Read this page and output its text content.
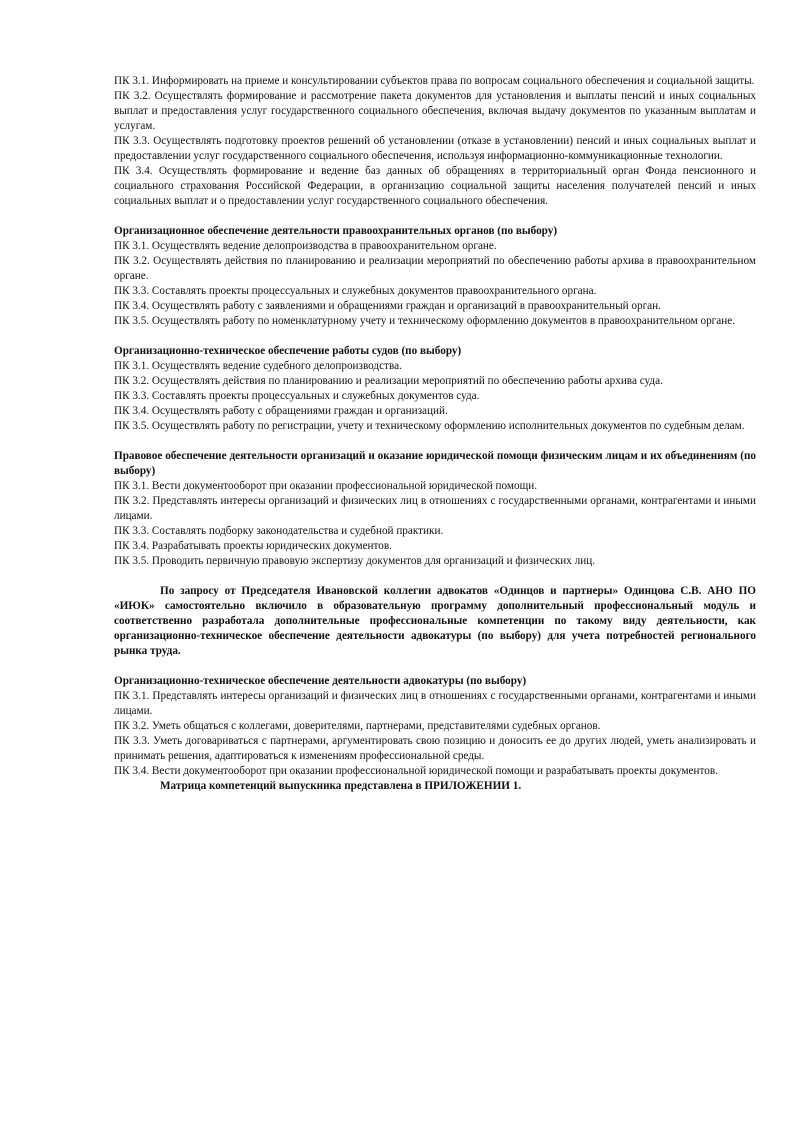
ПК 3.1. Информировать на приеме и консультировании субъектов права по вопросам социального обеспечения и социальной защиты.

ПК 3.2. Осуществлять формирование и рассмотрение пакета документов для установления и выплаты пенсий и иных социальных выплат и предоставления услуг государственного социального обеспечения, включая выдачу документов по указанным выплатам и услугам.

ПК 3.3. Осуществлять подготовку проектов решений об установлении (отказе в установлении) пенсий и иных социальных выплат и предоставлении услуг государственного социального обеспечения, используя информационно-коммуникационные технологии.

ПК 3.4. Осуществлять формирование и ведение баз данных об обращениях в территориальный орган Фонда пенсионного и социального страхования Российской Федерации, в организацию социальной защиты населения получателей пенсий и иных социальных выплат и о предоставлении услуг государственного социального обеспечения.

Организационное обеспечение деятельности правоохранительных органов (по выбору)

ПК 3.1. Осуществлять ведение делопроизводства в правоохранительном органе.

ПК 3.2. Осуществлять действия по планированию и реализации мероприятий по обеспечению работы архива в правоохранительном органе.

ПК 3.3. Составлять проекты процессуальных и служебных документов правоохранительного органа.

ПК 3.4. Осуществлять работу с заявлениями и обращениями граждан и организаций в правоохранительный орган.

ПК 3.5. Осуществлять работу по номенклатурному учету и техническому оформлению документов в правоохранительном органе.

Организационно-техническое обеспечение работы судов (по выбору)

ПК 3.1. Осуществлять ведение судебного делопроизводства.

ПК 3.2. Осуществлять действия по планированию и реализации мероприятий по обеспечению работы архива суда.

ПК 3.3. Составлять проекты процессуальных и служебных документов суда.

ПК 3.4. Осуществлять работу с обращениями граждан и организаций.

ПК 3.5. Осуществлять работу по регистрации, учету и техническому оформлению исполнительных документов по судебным делам.

Правовое обеспечение деятельности организаций и оказание юридической помощи физическим лицам и их объединениям (по выбору)

ПК 3.1. Вести документооборот при оказании профессиональной юридической помощи.

ПК 3.2. Представлять интересы организаций и физических лиц в отношениях с государственными органами, контрагентами и иными лицами.

ПК 3.3. Составлять подборку законодательства и судебной практики.

ПК 3.4. Разрабатывать проекты юридических документов.

ПК 3.5. Проводить первичную правовую экспертизу документов для организаций и физических лиц.

По запросу от Председателя Ивановской коллегии адвокатов «Одинцов и партнеры» Одинцова С.В. АНО ПО «ИЮК» самостоятельно включило в образовательную программу дополнительный профессиональный модуль и соответственно разработала дополнительные профессиональные компетенции по такому виду деятельности, как организационно-техническое обеспечение деятельности адвокатуры (по выбору) для учета потребностей регионального рынка труда.

Организационно-техническое обеспечение деятельности адвокатуры (по выбору)

ПК 3.1. Представлять интересы организаций и физических лиц в отношениях с государственными органами, контрагентами и иными лицами.

ПК 3.2. Уметь общаться с коллегами, доверителями, партнерами, представителями судебных органов.

ПК 3.3. Уметь договариваться с партнерами, аргументировать свою позицию и доносить ее до других людей, уметь анализировать и принимать решения, адаптироваться к изменениям профессиональной среды.

ПК 3.4. Вести документооборот при оказании профессиональной юридической помощи и разрабатывать проекты документов.

Матрица компетенций выпускника представлена в ПРИЛОЖЕНИИ 1.
